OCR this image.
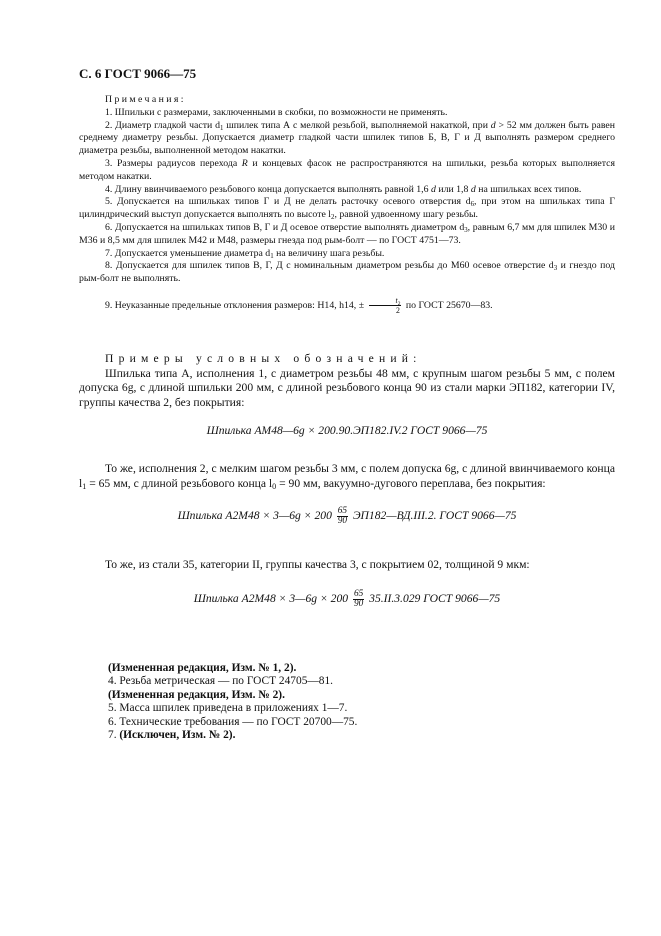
С. 6 ГОСТ 9066—75

Примечания:

1. Шпильки с размерами, заключенными в скобки, по возможности не применять.

2. Диаметр гладкой части $d_1$ шпилек типа А с мелкой резьбой, выполняемой накаткой, при d > 52 мм должен быть равен среднему диаметру резьбы. Допускается диаметр гладкой части шпилек типов Б, В, Г и Д выполнять размером среднего диаметра резьбы, выполненной методом накатки.

3. Размеры радиусов перехода R и концевых фасок не распространяются на шпильки, резьба которых выполняется методом накатки.

4. Длину ввинчиваемого резьбового конца допускается выполнять равной 1,6 d или 1,8 d на шпильках всех типов.

5. Допускается на шпильках типов Г и Д не делать расточку осевого отверстия $d_6$, при этом на шпильках типа Г цилиндрический выступ допускается выполнять по высоте $l_2$, равной удвоенному шагу резьбы.

6. Допускается на шпильках типов В, Г и Д осевое отверстие выполнять диаметром $d_3$, равным 6,7 мм для шпилек М30 и М36 и 8,5 мм для шпилек М42 и М48, размеры гнезда под рым-болт — по ГОСТ 4751—73.

7. Допускается уменьшение диаметра $d_1$ на величину шага резьбы.

8. Допускается для шпилек типов В, Г, Д с номинальным диаметром резьбы до М60 осевое отверстие $d_3$ и гнездо под рым-болт не выполнять.

9. Неуказанные предельные отклонения размеров: Н14, h14, ± $\frac{t_2}{2}$ по ГОСТ 25670—83.

Примеры условных обозначений:

Шпилька типа А, исполнения 1, с диаметром резьбы 48 мм, с крупным шагом резьбы 5 мм, с полем допуска 6g, с длиной шпильки 200 мм, с длиной резьбового конца 90 из стали марки ЭП182, категории IV, группы качества 2, без покрытия:

Шпилька АМ48—6g × 200.90.ЭП182.IV.2 ГОСТ 9066—75

То же, исполнения 2, с мелким шагом резьбы 3 мм, с полем допуска 6g, с длиной ввинчиваемого конца $l_1 = 65$ мм, с длиной резьбового конца $l_0 = 90$ мм, вакуумно-дугового переплава, без покрытия:

Шпилька А2М48 × 3—6g × $200 \frac{65}{90}$ ЭП182—ВД.III.2. ГОСТ 9066—75

То же, из стали 35, категории II, группы качества 3, с покрытием 02, толщиной 9 мкм:

Шпилька А2М48 × 3—6g × $200 \frac{65}{90} 35.II.3.029$ ГОСТ 9066—75
(Измененная редакция, Изм. № 1, 2).
4. Резьба метрическая — по ГОСТ 24705—81.
(Измененная редакция, Изм. № 2).
5. Масса шпилек приведена в приложениях 1—7.
6. Технические требования — по ГОСТ 20700—75.
7. (Исключен, Изм. № 2).
